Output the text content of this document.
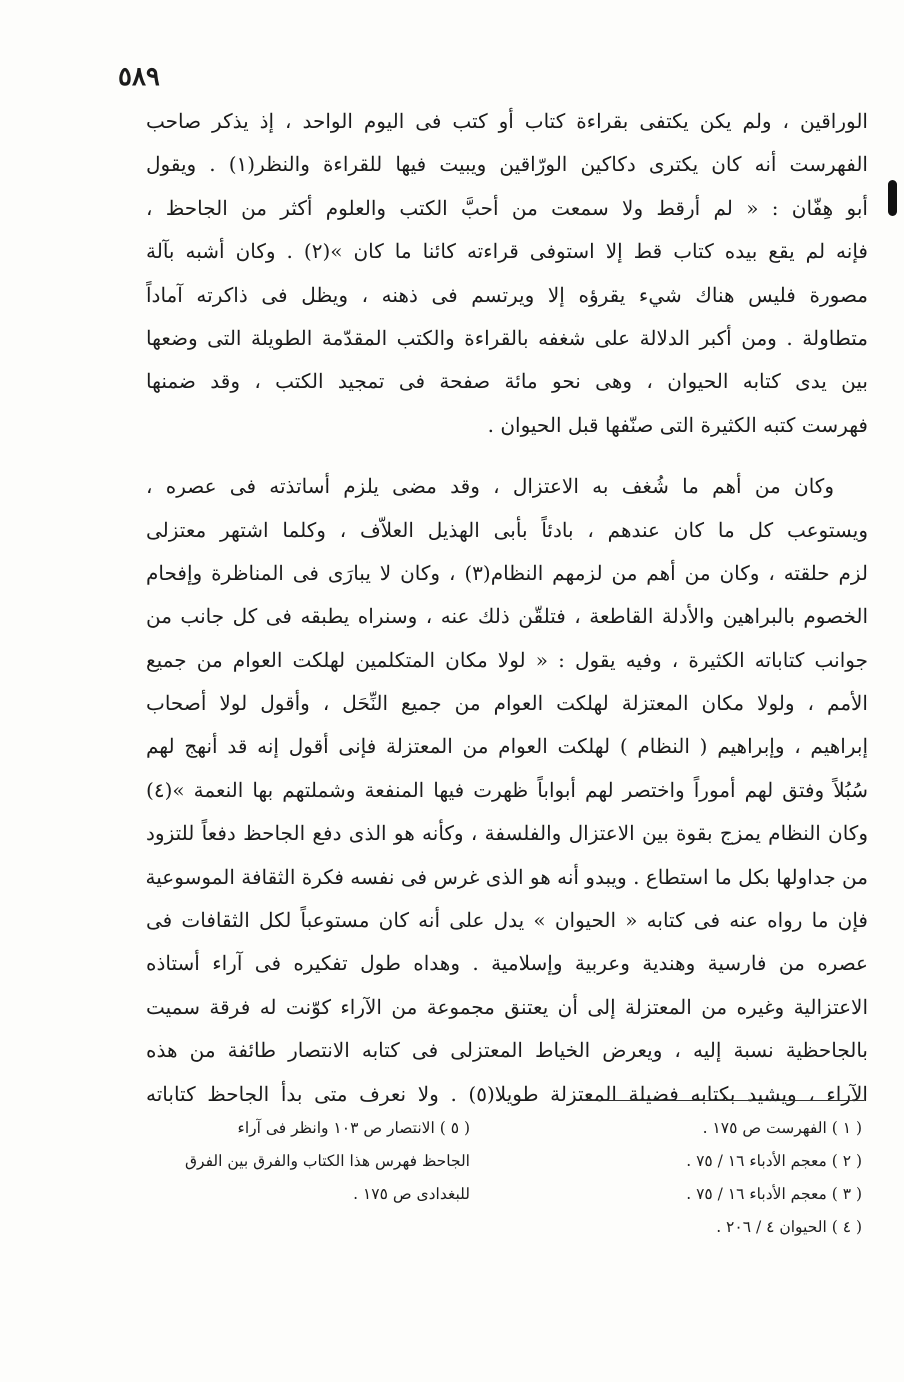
٥٨٩
الوراقين ، ولم يكن يكتفى بقراءة كتاب أو كتب فى اليوم الواحد ، إذ يذكر صاحب
الفهرست أنه كان يكترى دكاكين الورّاقين ويبيت فيها للقراءة والنظر(١) . ويقول
أبو هِفّان : « لم أرقط ولا سمعت من أحبَّ الكتب والعلوم أكثر من الجاحظ ،
فإنه لم يقع بيده كتاب قط إلا استوفى قراءته كائنا ما كان »(٢) . وكان أشبه بآلة
مصورة فليس هناك شيء يقرؤه إلا ويرتسم فى ذهنه ، ويظل فى ذاكرته آماداً
متطاولة . ومن أكبر الدلالة على شغفه بالقراءة والكتب المقدّمة الطويلة التى وضعها
بين يدى كتابه الحيوان ، وهى نحو مائة صفحة فى تمجيد الكتب ، وقد ضمنها
فهرست كتبه الكثيرة التى صنّفها قبل الحيوان .
وكان من أهم ما شُغف به الاعتزال ، وقد مضى يلزم أساتذته فى عصره ،
ويستوعب كل ما كان عندهم ، بادئاً بأبى الهذيل العلاّف ، وكلما اشتهر معتزلى
لزم حلقته ، وكان من أهم من لزمهم النظام(٣) ، وكان لا يبارَى فى المناظرة وإفحام
الخصوم بالبراهين والأدلة القاطعة ، فتلقّن ذلك عنه ، وسنراه يطبقه فى كل جانب من
جوانب كتاباته الكثيرة ، وفيه يقول : « لولا مكان المتكلمين لهلكت العوام من جميع
الأمم ، ولولا مكان المعتزلة لهلكت العوام من جميع النِّحَل ، وأقول لولا أصحاب
إبراهيم ، وإبراهيم ( النظام ) لهلكت العوام من المعتزلة فإنى أقول إنه قد أنهج لهم
سُبُلاً وفتق لهم أموراً واختصر لهم أبواباً ظهرت فيها المنفعة وشملتهم بها النعمة »(٤)
وكان النظام يمزج بقوة بين الاعتزال والفلسفة ، وكأنه هو الذى دفع الجاحظ دفعاً للتزود
من جداولها بكل ما استطاع . ويبدو أنه هو الذى غرس فى نفسه فكرة الثقافة الموسوعية
فإن ما رواه عنه فى كتابه « الحيوان » يدل على أنه كان مستوعباً لكل الثقافات فى
عصره من فارسية وهندية وعربية وإسلامية . وهداه طول تفكيره فى آراء أستاذه
الاعتزالية وغيره من المعتزلة إلى أن يعتنق مجموعة من الآراء كوّنت له فرقة سميت
بالجاحظية نسبة إليه ، ويعرض الخياط المعتزلى فى كتابه الانتصار طائفة من هذه
الآراء ، ويشيد بكتابه فضيلة المعتزلة طويلا(٥) . ولا نعرف متى بدأ الجاحظ كتاباته
( ١ ) الفهرست ص ١٧٥ .
( ٢ ) معجم الأدباء ١٦ / ٧٥ .
( ٣ ) معجم الأدباء ١٦ / ٧٥ .
( ٤ ) الحيوان ٤ / ٢٠٦ .
( ٥ ) الانتصار ص ١٠٣ وانظر فى آراء
الجاحظ فهرس هذا الكتاب والفرق بين الفرق
للبغدادى ص ١٧٥ .
